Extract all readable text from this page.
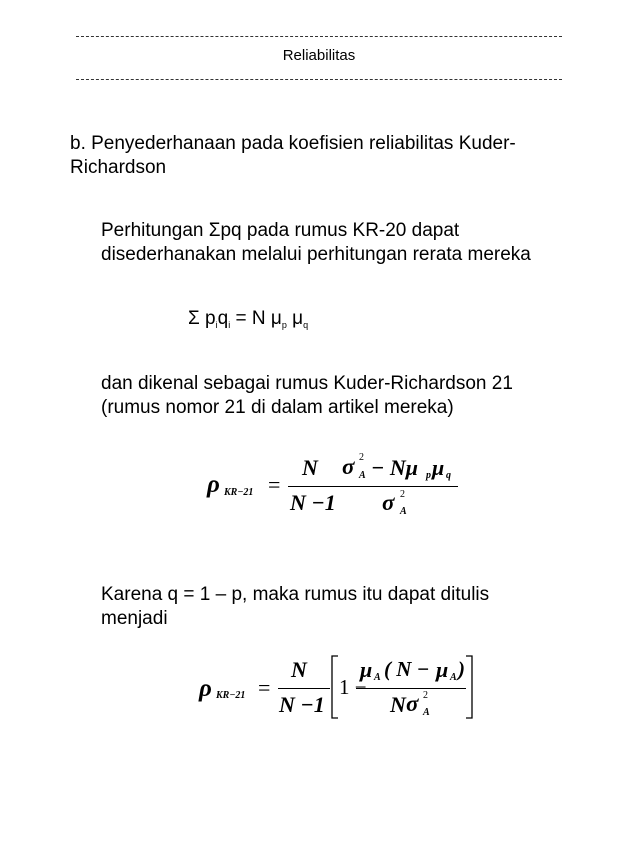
Reliabilitas
b. Penyederhanaan pada koefisien reliabilitas Kuder-
Richardson
Perhitungan Σpq pada rumus KR-20 dapat
disederhanakan melalui perhitungan rerata mereka
Σ $p_iq_i = N$ $\mu_p$ $\mu_q$
dan dikenal sebagai rumus Kuder-Richardson 21
(rumus nomor 21 di dalam artikel mereka)
ρ KR−21 =
N
N −1
σ 2
A − Nμ p μ q
σ 2
A
Karena q = 1 – p, maka rumus itu dapat ditulis
menjadi
ρ KR−21 =
N
N −1
1 −
μ A ( N − μ A )
N σ 2
A
